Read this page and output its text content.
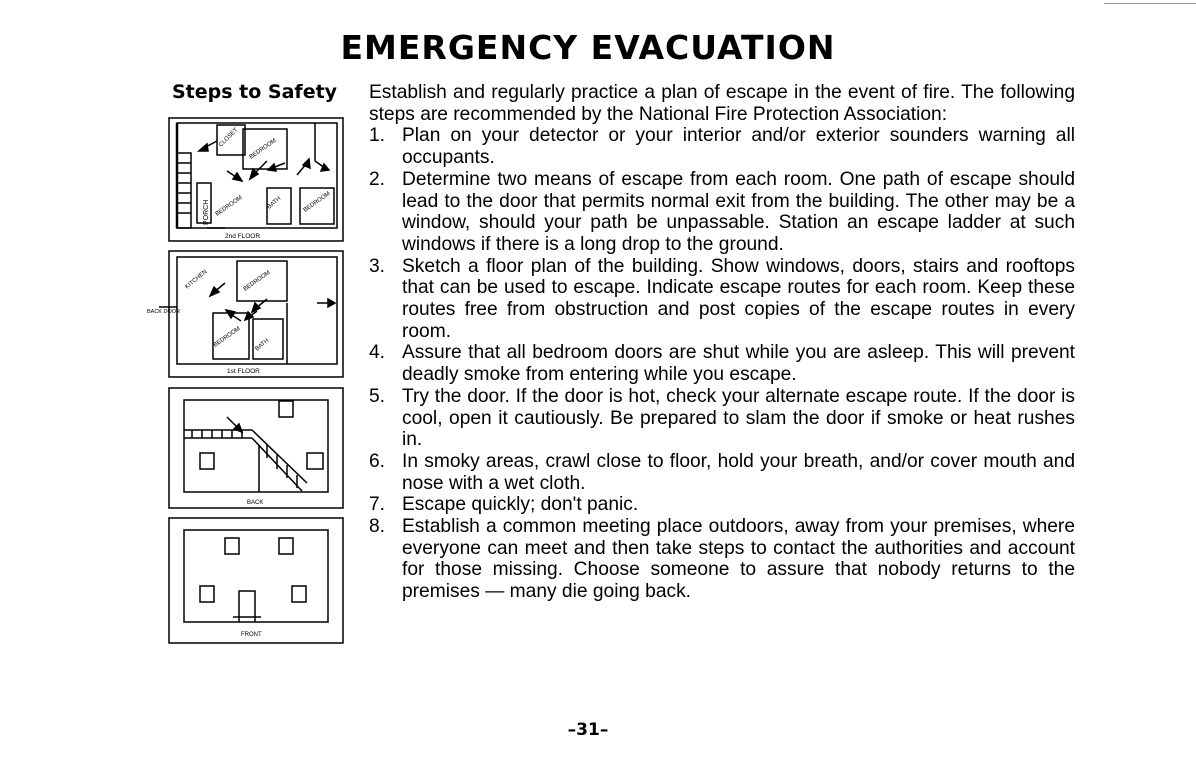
EMERGENCY EVACUATION
Steps to Safety
CLOSET
BEDROOM
BATH
BEDROOM	BEDROOM
PORCH
2nd FLOOR
KITCHEN	BEDROOM
BACK DOOR
BEDROOM BATH
1st FLOOR
BACK
FRONT

Establish and regularly practice a plan of escape in the event of fire. The following steps are recommended by the National Fire Protection Association:

1. Plan on your detector or your interior and/or exterior sounders warning all occupants.
2. Determine two means of escape from each room. One path of escape should lead to the door that permits normal exit from the building. The other may be a window, should your path be unpassable. Station an escape ladder at such windows if there is a long drop to the ground.
3. Sketch a floor plan of the building. Show windows, doors, stairs and rooftops that can be used to escape. Indicate escape routes for each room. Keep these routes free from obstruction and post copies of the escape routes in every room.
4. Assure that all bedroom doors are shut while you are asleep. This will prevent deadly smoke from entering while you escape.
5. Try the door. If the door is hot, check your alternate escape route. If the door is cool, open it cautiously. Be prepared to slam the door if smoke or heat rushes in.
6. In smoky areas, crawl close to floor, hold your breath, and/or cover mouth and nose with a wet cloth.
7. Escape quickly; don't panic.
8. Establish a common meeting place outdoors, away from your premises, where everyone can meet and then take steps to contact the authorities and account for those missing. Choose someone to assure that nobody returns to the premises — many die going back.
–31–
